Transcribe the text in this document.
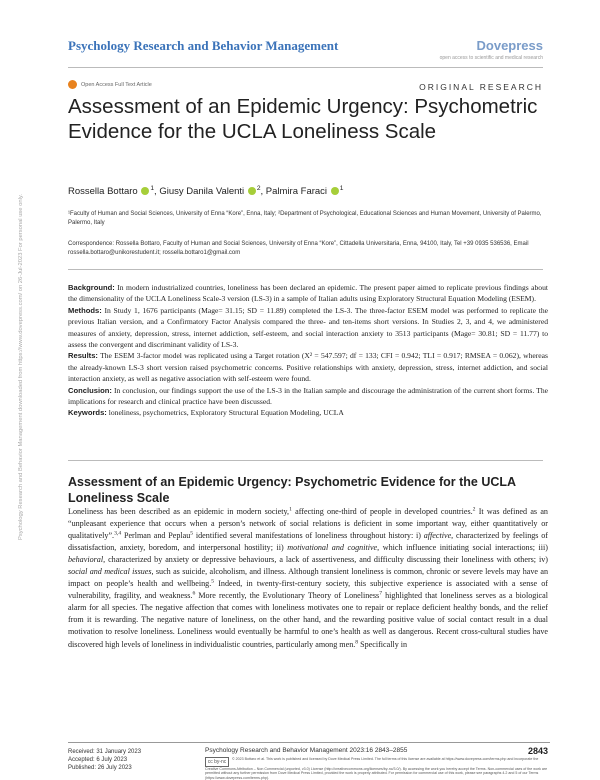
Psychology Research and Behavior Management	Dovepress
open access to scientific and medical research
Open Access Full Text Article	ORIGINAL RESEARCH
Assessment of an Epidemic Urgency: Psychometric Evidence for the UCLA Loneliness Scale
Rossella Bottaro $^1$, Giusy Danila Valenti $^2$, Palmira Faraci $^1$
¹Faculty of Human and Social Sciences, University of Enna “Kore”, Enna, Italy; ²Department of Psychological, Educational Sciences and Human Movement, University of Palermo, Palermo, Italy
Correspondence: Rossella Bottaro, Faculty of Human and Social Sciences, University of Enna “Kore”, Cittadella Universitaria, Enna, 94100, Italy, Tel +39 0935 536536, Email rossella.bottaro@unikorestudent.it; rossella.bottaro1@gmail.com

Background: In modern industrialized countries, loneliness has been declared an epidemic. The present paper aimed to replicate previous findings about the dimensionality of the UCLA Loneliness Scale-3 version (LS-3) in a sample of Italian adults using Exploratory Structural Equation Modeling (ESEM).

Methods: In Study 1, 1676 participants (Mage= 31.15; SD = 11.89) completed the LS-3. The three-factor ESEM model was performed to replicate the previous Italian version, and a Confirmatory Factor Analysis compared the three- and ten-items short versions. In Studies 2, 3, and 4, we administered measures of anxiety, depression, stress, internet addiction, self-esteem, and social interaction anxiety to 3513 participants (Mage= 30.81; SD = 11.77) to assess the convergent and discriminant validity of LS-3.

Results: The ESEM 3-factor model was replicated using a Target rotation (X² = 547.597; df = 133; CFI = 0.942; TLI = 0.917; RMSEA = 0.062), whereas the already-known LS-3 short version raised psychometric concerns. Positive relationships with anxiety, depression, stress, internet addiction, and social interaction anxiety, as well as negative association with self-esteem were found.

Conclusion: In conclusion, our findings support the use of the LS-3 in the Italian sample and discourage the administration of the current short forms. The implications for research and clinical practice have been discussed.

Keywords: loneliness, psychometrics, Exploratory Structural Equation Modeling, UCLA

Assessment of an Epidemic Urgency: Psychometric Evidence for the UCLA Loneliness Scale

Loneliness has been described as an epidemic in modern society,$^1$ affecting one-third of people in developed countries.$^2$ It was defined as an “unpleasant experience that occurs when a person’s network of social relations is deficient in some important way, either quantitatively or qualitatively”.$^{3,4}$ Perlman and Peplau$^5$ identified several manifestations of loneliness throughout history: i) affective, characterized by feelings of dissatisfaction, anxiety, boredom, and interpersonal hostility; ii) motivational and cognitive, which influence initiating social interactions; iii) behavioral, characterized by anxiety or depressive behaviours, a lack of assertiveness, and difficulty discussing their loneliness with others; iv) social and medical issues, such as suicide, alcoholism, and illness. Although transient loneliness is common, chronic or severe levels may have an impact on people’s health and wellbeing.$^5$ Indeed, in twenty-first-century society, this subjective experience is associated with a sense of vulnerability, fragility, and weakness.$^6$ More recently, the Evolutionary Theory of Loneliness$^7$ highlighted that loneliness serves as a biological alarm for all species. The negative affection that comes with loneliness motivates one to repair or replace deficient healthy bonds, and the relief from it is rewarding. The negative nature of loneliness, on the other hand, and the rewarding positive value of social contact result in a dual motivation to resolve loneliness. Loneliness would eventually be harmful to one’s health as well as dangerous. Recent cross-cultural studies have discovered high levels of loneliness in individualistic countries, particularly among men.$^8$ Specifically in

Psychology Research and Behavior Management downloaded from https://www.dovepress.com/ on 26-Jul-2023 For personal use only.
Received: 31 January 2023
Accepted: 6 July 2023
Published: 26 July 2023
Psychology Research and Behavior Management 2023:16 2843–2855	2843
cc by-nc © 2023 Bottaro et al. This work is published and licensed by Dove Medical Press Limited. The full terms of this license are available at https://www.dovepress.com/terms.php and incorporate the Creative Commons Attribution – Non Commercial (unported, v3.0) License (http://creativecommons.org/licenses/by-nc/3.0/). By accessing the work you hereby accept the Terms. Non-commercial uses of the work are permitted without any further permission from Dove Medical Press Limited, provided the work is properly attributed. For permission for commercial use of this work, please see paragraphs 4.2 and 5 of our Terms (https://www.dovepress.com/terms.php).
